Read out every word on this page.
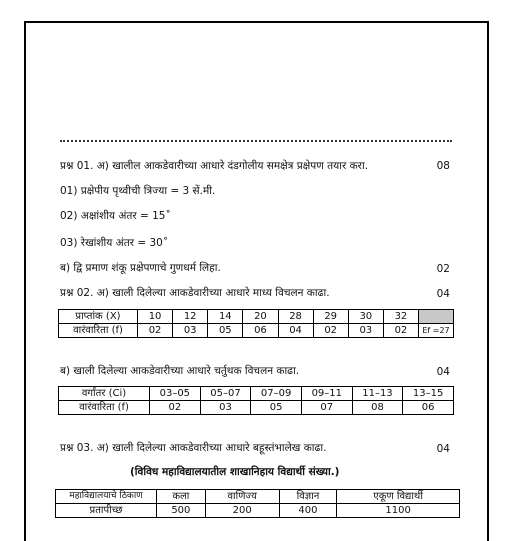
प्रश्न 01. अ) खालील आकडेवारीच्या आधारे दंडगोलीय समक्षेत्र प्रक्षेपण तयार करा.	08
01) प्रक्षेपीय पृथ्वीची त्रिज्या = 3 सें.मी.
02) अक्षांशीय अंतर = 15˚
03) रेखांशीय अंतर = 30˚
ब) द्वि प्रमाण शंकू प्रक्षेपणाचे गुणधर्म लिहा.	02
प्रश्न 02. अ) खाली दिलेल्या आकडेवारीच्या आधारे माध्य विचलन काढा.	04
प्राप्तांक (X)	10	12	14	20	28	29	30	32	
वारंवारिता (f)	02	03	05	06	04	02	03	02	Ef =27
ब) खाली दिलेल्या आकडेवारीच्या आधारे चर्तुथक विचलन काढा.	04
वर्गांतर (Ci)	03–05	05–07	07–09	09–11	11–13	13–15
वारंवारिता (f)	02	03	05	07	08	06
प्रश्न 03. अ) खाली दिलेल्या आकडेवारीच्या आधारे बहूस्तंभालेख काढा.	04
(विविध महाविद्यालयातील शाखानिहाय विद्यार्थी संख्या.)
महाविद्यालयाचे ठिकाण	कला	वाणिज्य	विज्ञान	एकूण विद्यार्थी
प्रतापीच्छ	500	200	400	1100
